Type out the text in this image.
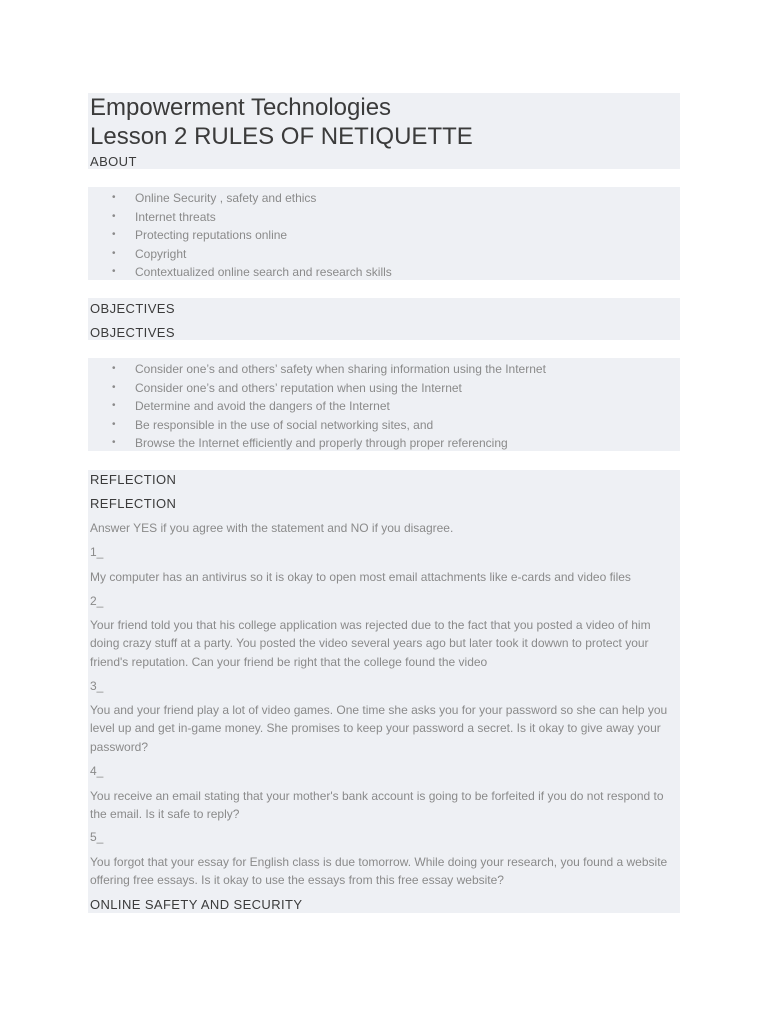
Empowerment Technologies
Lesson 2 RULES OF NETIQUETTE
ABOUT
• Online Security , safety and ethics
• Internet threats
• Protecting reputations online
• Copyright
• Contextualized online search and research skills
OBJECTIVES
OBJECTIVES
• Consider one’s and others’ safety when sharing information using the Internet
• Consider one’s and others’ reputation when using the Internet
• Determine and avoid the dangers of the Internet
• Be responsible in the use of social networking sites, and
• Browse the Internet efficiently and properly through proper referencing
REFLECTION
REFLECTION

Answer YES if you agree with the statement and NO if you disagree.

1_

My computer has an antivirus so it is okay to open most email attachments like e-cards and video files

2_

Your friend told you that his college application was rejected due to the fact that you posted a video of him doing crazy stuff at a party. You posted the video several years ago but later took it dowwn to protect your friend's reputation. Can your friend be right that the college found the video

3_

You and your friend play a lot of video games. One time she asks you for your password so she can help you level up and get in-game money. She promises to keep your password a secret. Is it okay to give away your password?

4_

You receive an email stating that your mother's bank account is going to be forfeited if you do not respond to the email. Is it safe to reply?

5_

You forgot that your essay for English class is due tomorrow. While doing your research, you found a website offering free essays. Is it okay to use the essays from this free essay website?

ONLINE SAFETY AND SECURITY
